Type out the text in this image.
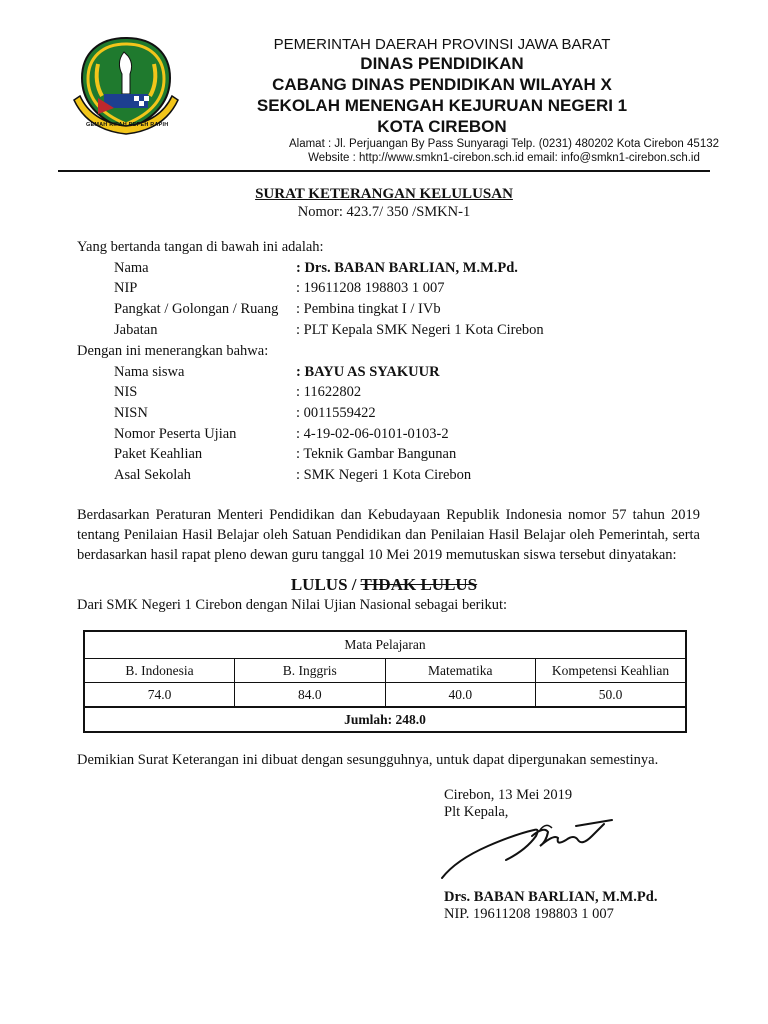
GEMAH RIPAH REPEH RAPIH
PEMERINTAH DAERAH PROVINSI JAWA BARAT
DINAS PENDIDIKAN
CABANG DINAS PENDIDIKAN WILAYAH X
SEKOLAH MENENGAH KEJURUAN NEGERI 1
KOTA CIREBON
Alamat : Jl. Perjuangan By Pass Sunyaragi Telp. (0231) 480202 Kota Cirebon 45132
Website : http://www.smkn1-cirebon.sch.id email: info@smkn1-cirebon.sch.id
SURAT KETERANGAN KELULUSAN
Nomor: 423.7/ 350 /SMKN-1
Yang bertanda tangan di bawah ini adalah:
Nama	: Drs. BABAN BARLIAN, M.M.Pd.
NIP	: 19611208 198803 1 007
Pangkat / Golongan / Ruang : Pembina tingkat I / IVb
Jabatan	: PLT Kepala SMK Negeri 1 Kota Cirebon
Dengan ini menerangkan bahwa:
Nama siswa	: BAYU AS SYAKUUR
NIS	: 11622802
NISN	: 0011559422
Nomor Peserta Ujian	: 4-19-02-06-0101-0103-2
Paket Keahlian	: Teknik Gambar Bangunan
Asal Sekolah	: SMK Negeri 1 Kota Cirebon
Berdasarkan Peraturan Menteri Pendidikan dan Kebudayaan Republik Indonesia nomor 57 tahun 2019 tentang Penilaian Hasil Belajar oleh Satuan Pendidikan dan Penilaian Hasil Belajar oleh Pemerintah, serta berdasarkan hasil rapat pleno dewan guru tanggal 10 Mei 2019 memutuskan siswa tersebut dinyatakan:
LULUS / TIDAK LULUS
Dari SMK Negeri 1 Cirebon dengan Nilai Ujian Nasional sebagai berikut:
Mata Pelajaran			
B. Indonesia	B. Inggris	Matematika	Kompetensi Keahlian
74.0	84.0	40.0	50.0
Jumlah: 248.0			
Demikian Surat Keterangan ini dibuat dengan sesungguhnya, untuk dapat dipergunakan semestinya.
Cirebon, 13 Mei 2019
Plt Kepala,
Drs. BABAN BARLIAN, M.M.Pd.
NIP. 19611208 198803 1 007
